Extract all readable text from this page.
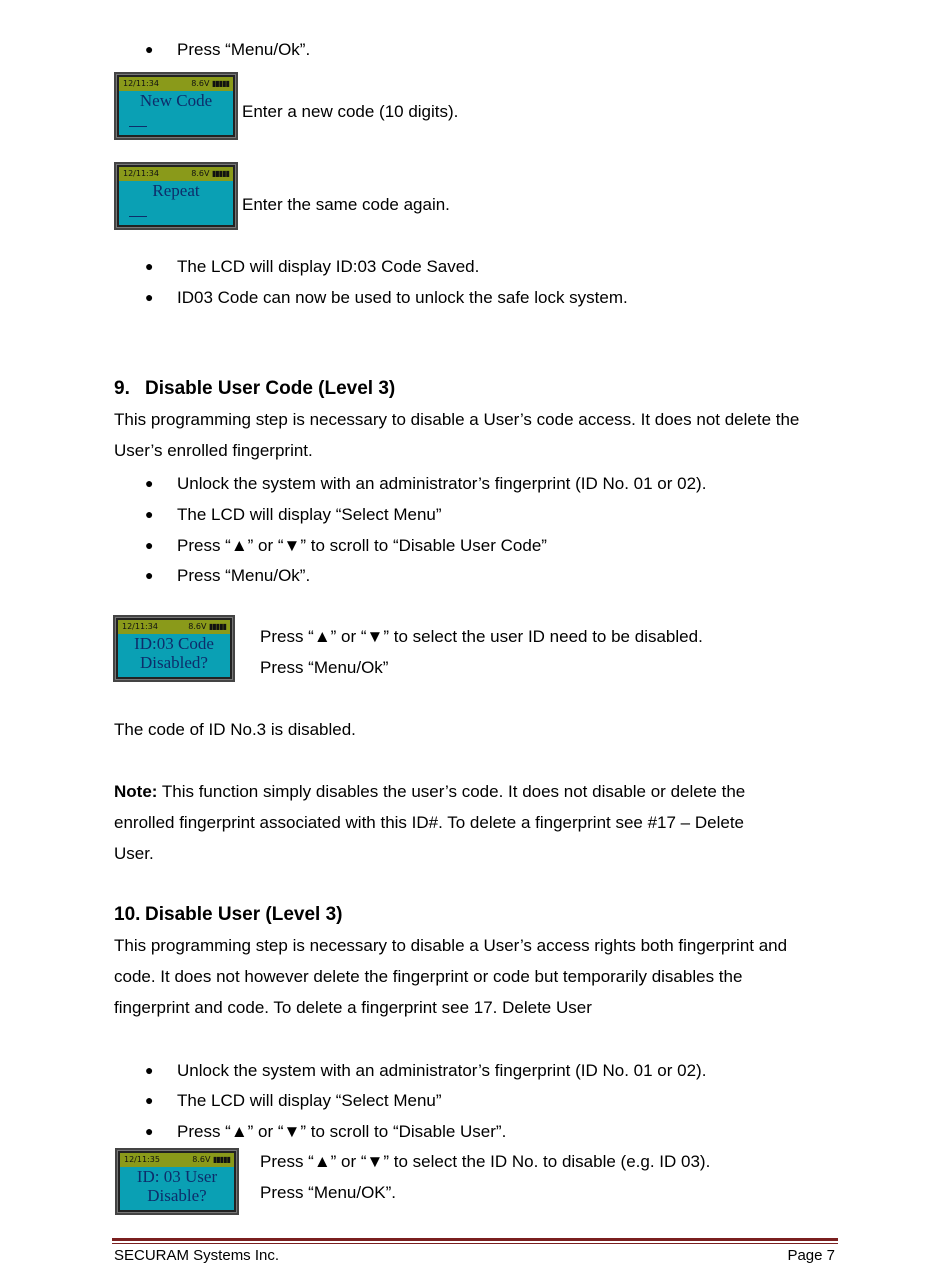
● Press “Menu/Ok”.
12/11:34	8.6V ▮▮▮▮▮
New Code
Enter a new code (10 digits).
12/11:34	8.6V ▮▮▮▮▮
Repeat
Enter the same code again.
● The LCD will display ID:03 Code Saved.
● ID03 Code can now be used to unlock the safe lock system.
9. Disable User Code (Level 3)
This programming step is necessary to disable a User’s code access. It does not delete the
User’s enrolled fingerprint.
● Unlock the system with an administrator’s fingerprint (ID No. 01 or 02).
● The LCD will display “Select Menu”
● Press “▲” or “▼” to scroll to “Disable User Code”
● Press “Menu/Ok”.
12/11:34	8.6V ▮▮▮▮▮
ID:03 Code
Disabled?
Press “▲” or “▼” to select the user ID need to be disabled.
Press “Menu/Ok”
The code of ID No.3 is disabled.
Note: This function simply disables the user’s code. It does not disable or delete the
enrolled fingerprint associated with this ID#. To delete a fingerprint see #17 – Delete
User.
10. Disable User (Level 3)
This programming step is necessary to disable a User’s access rights both fingerprint and
code. It does not however delete the fingerprint or code but temporarily disables the
fingerprint and code. To delete a fingerprint see 17. Delete User
● Unlock the system with an administrator’s fingerprint (ID No. 01 or 02).
● The LCD will display “Select Menu”
● Press “▲” or “▼” to scroll to “Disable User”.
12/11:35	8.6V ▮▮▮▮▮
ID: 03 User
Disable?
Press “▲” or “▼” to select the ID No. to disable (e.g. ID 03).
Press “Menu/OK”.
SECURAM Systems Inc.	Page 7
